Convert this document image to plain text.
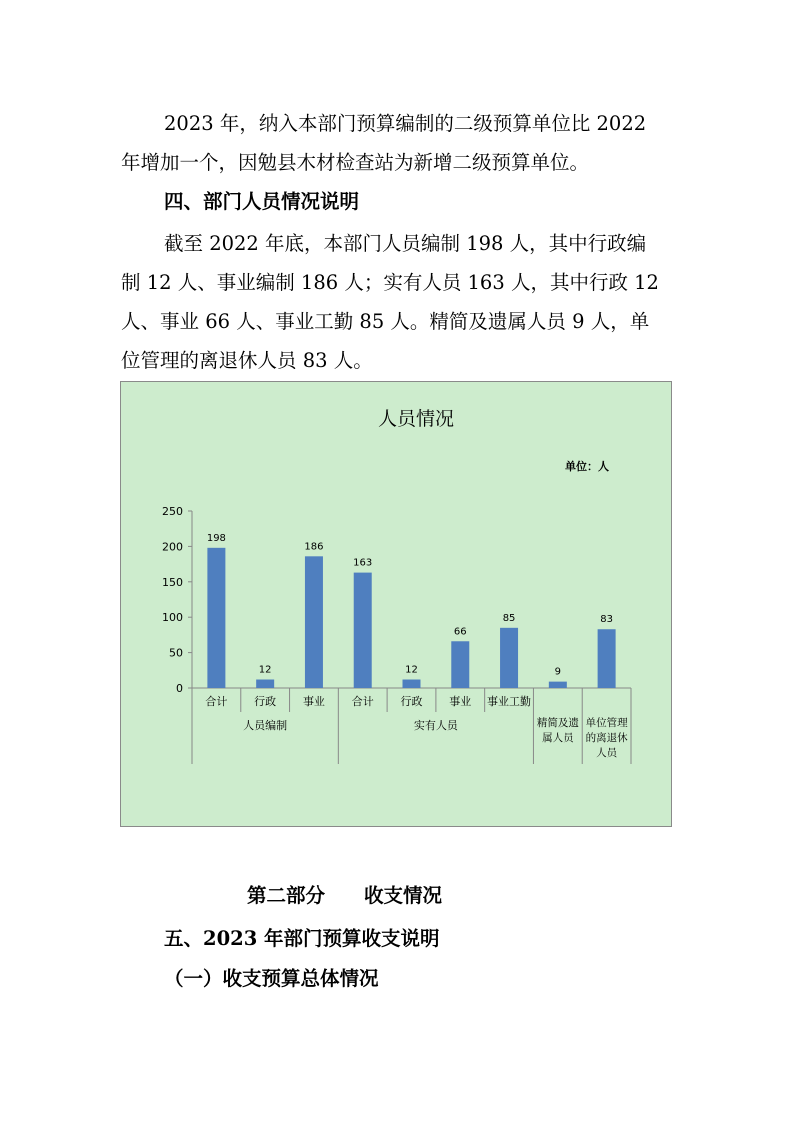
2023 年，纳入本部门预算编制的二级预算单位比 2022
年增加一个，因勉县木材检查站为新增二级预算单位。
四、部门人员情况说明
截至 2022 年底，本部门人员编制 198 人，其中行政编
制 12 人、事业编制 186 人；实有人员 163 人，其中行政 12
人、事业 66 人、事业工勤 85 人。精简及遗属人员 9 人，单
位管理的离退休人员 83 人。
人员情况
单位：人
0
50
100
150
200
250
198
12
186
163
12
66
85
9
83
合计 行政 事业 合计 行政 事业 事业工勤
精简及遗
属人员
单位管理
的离退休
人员
人员编制	实有人员
第二部分　　收支情况
五、2023 年部门预算收支说明
（一）收支预算总体情况
